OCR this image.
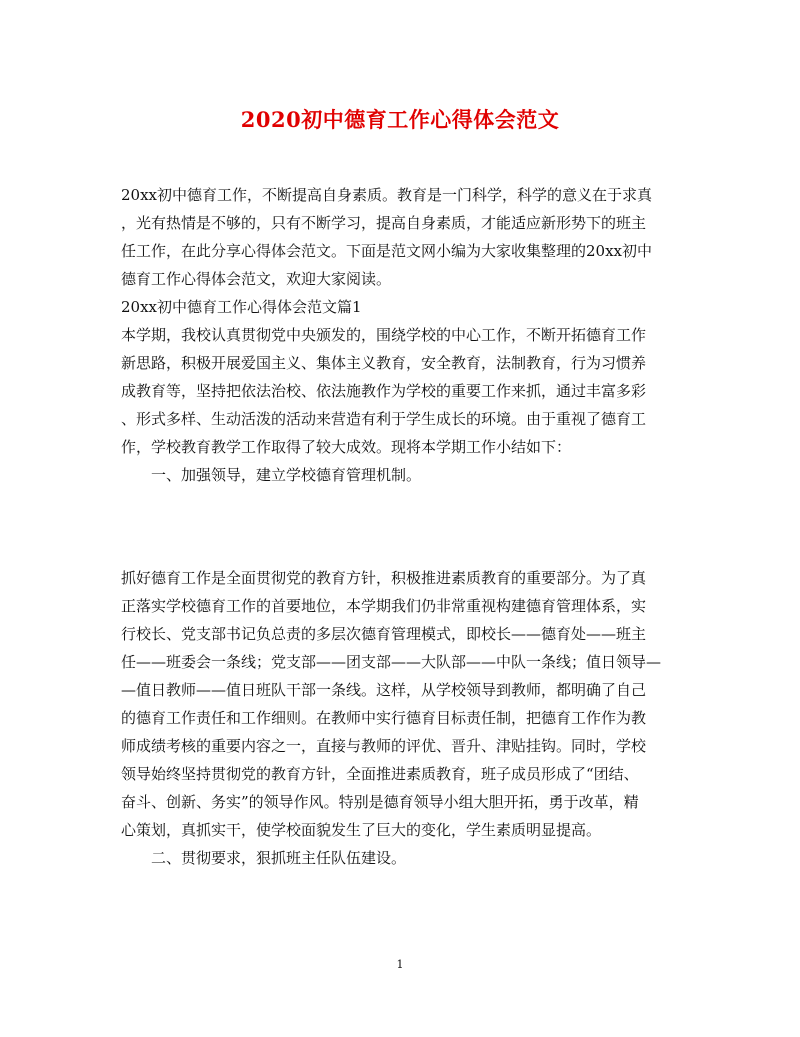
2020初中德育工作心得体会范文
20xx初中德育工作，不断提高自身素质。教育是一门科学，科学的意义在于求真
，光有热情是不够的，只有不断学习，提高自身素质，才能适应新形势下的班主
任工作，在此分享心得体会范文。下面是范文网小编为大家收集整理的20xx初中
德育工作心得体会范文，欢迎大家阅读。
20xx初中德育工作心得体会范文篇1
本学期，我校认真贯彻党中央颁发的，围绕学校的中心工作，不断开拓德育工作
新思路，积极开展爱国主义、集体主义教育，安全教育，法制教育，行为习惯养
成教育等，坚持把依法治校、依法施教作为学校的重要工作来抓，通过丰富多彩
、形式多样、生动活泼的活动来营造有利于学生成长的环境。由于重视了德育工
作，学校教育教学工作取得了较大成效。现将本学期工作小结如下：
一、加强领导，建立学校德育管理机制。
抓好德育工作是全面贯彻党的教育方针，积极推进素质教育的重要部分。为了真
正落实学校德育工作的首要地位，本学期我们仍非常重视构建德育管理体系，实
行校长、党支部书记负总责的多层次德育管理模式，即校长——德育处——班主
任——班委会一条线；党支部——团支部——大队部——中队一条线；值日领导—
—值日教师——值日班队干部一条线。这样，从学校领导到教师，都明确了自己
的德育工作责任和工作细则。在教师中实行德育目标责任制，把德育工作作为教
师成绩考核的重要内容之一，直接与教师的评优、晋升、津贴挂钩。同时，学校
领导始终坚持贯彻党的教育方针，全面推进素质教育，班子成员形成了“团结、
奋斗、创新、务实”的领导作风。特别是德育领导小组大胆开拓，勇于改革，精
心策划，真抓实干，使学校面貌发生了巨大的变化，学生素质明显提高。
二、贯彻要求，狠抓班主任队伍建设。
1
